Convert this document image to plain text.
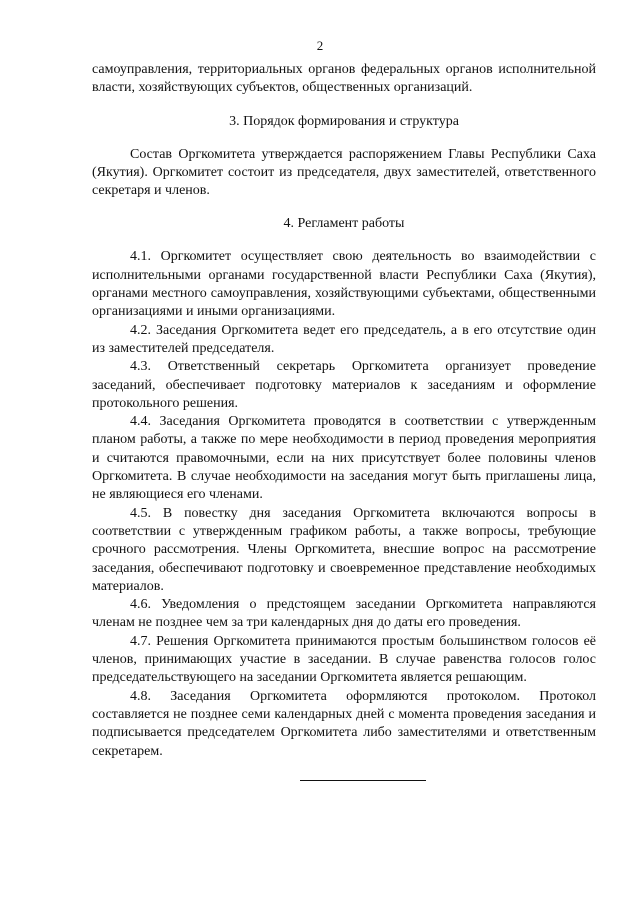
2

самоуправления, территориальных органов федеральных органов исполнительной власти, хозяйствующих субъектов, общественных организаций.

3. Порядок формирования и структура

Состав Оргкомитета утверждается распоряжением Главы Республики Саха (Якутия). Оргкомитет состоит из председателя, двух заместителей, ответственного секретаря и членов.

4. Регламент работы

4.1. Оргкомитет осуществляет свою деятельность во взаимодействии с исполнительными органами государственной власти Республики Саха (Якутия), органами местного самоуправления, хозяйствующими субъектами, общественными организациями и иными организациями.

4.2. Заседания Оргкомитета ведет его председатель, а в его отсутствие один из заместителей председателя.

4.3. Ответственный секретарь Оргкомитета организует проведение заседаний, обеспечивает подготовку материалов к заседаниям и оформление протокольного решения.

4.4. Заседания Оргкомитета проводятся в соответствии с утвержденным планом работы, а также по мере необходимости в период проведения мероприятия и считаются правомочными, если на них присутствует более половины членов Оргкомитета. В случае необходимости на заседания могут быть приглашены лица, не являющиеся его членами.

4.5. В повестку дня заседания Оргкомитета включаются вопросы в соответствии с утвержденным графиком работы, а также вопросы, требующие срочного рассмотрения. Члены Оргкомитета, внесшие вопрос на рассмотрение заседания, обеспечивают подготовку и своевременное представление необходимых материалов.

4.6. Уведомления о предстоящем заседании Оргкомитета направляются членам не позднее чем за три календарных дня до даты его проведения.

4.7. Решения Оргкомитета принимаются простым большинством голосов её членов, принимающих участие в заседании. В случае равенства голосов голос председательствующего на заседании Оргкомитета является решающим.

4.8. Заседания Оргкомитета оформляются протоколом. Протокол составляется не позднее семи календарных дней с момента проведения заседания и подписывается председателем Оргкомитета либо заместителями и ответственным секретарем.
